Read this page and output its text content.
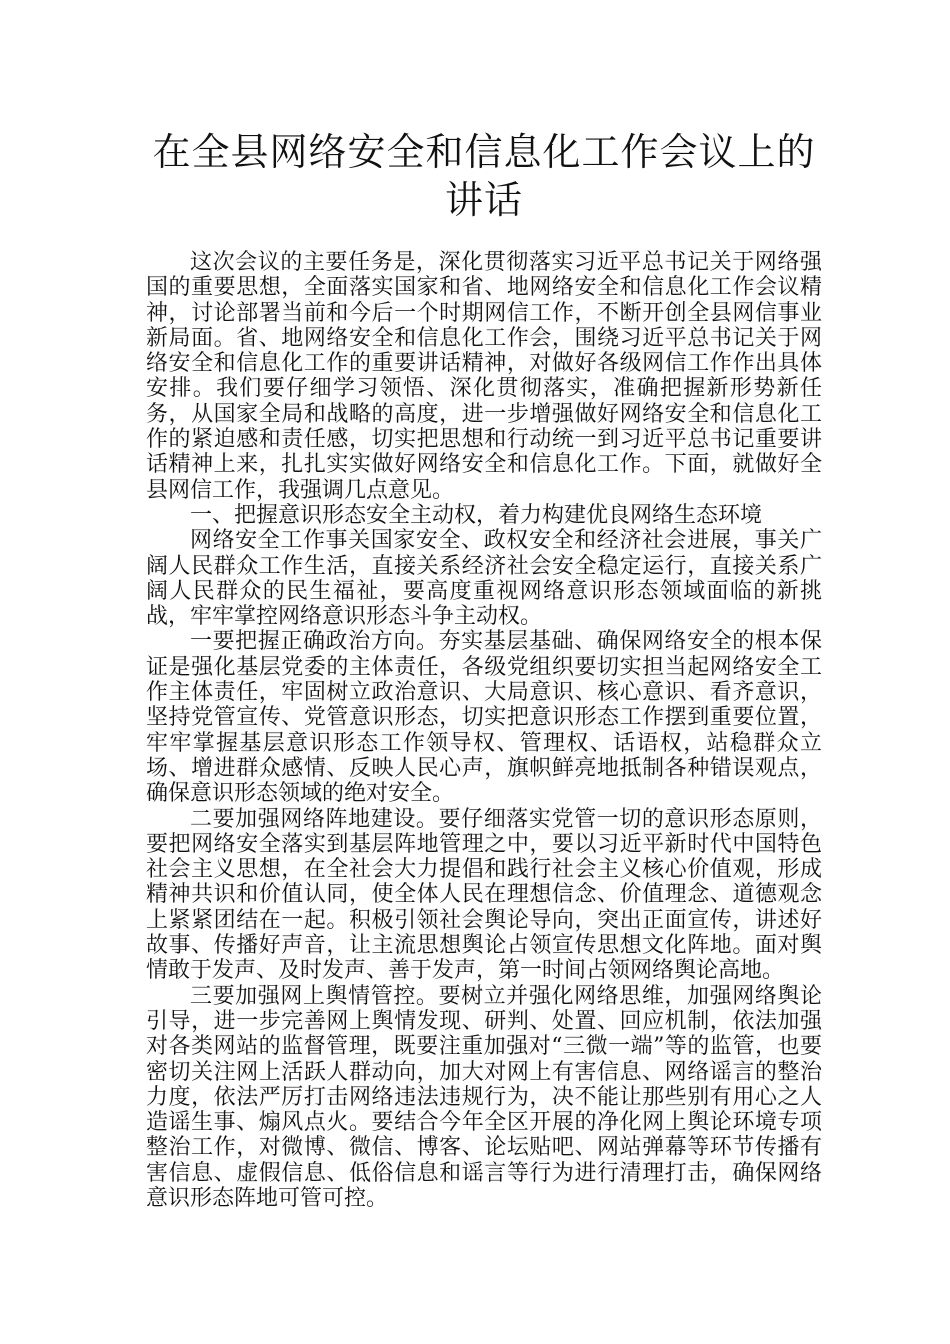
在全县网络安全和信息化工作会议上的讲话

这次会议的主要任务是，深化贯彻落实习近平总书记关于网络强国的重要思想，全面落实国家和省、地网络安全和信息化工作会议精神，讨论部署当前和今后一个时期网信工作，不断开创全县网信事业新局面。省、地网络安全和信息化工作会，围绕习近平总书记关于网络安全和信息化工作的重要讲话精神，对做好各级网信工作作出具体安排。我们要仔细学习领悟、深化贯彻落实，准确把握新形势新任务，从国家全局和战略的高度，进一步增强做好网络安全和信息化工作的紧迫感和责任感，切实把思想和行动统一到习近平总书记重要讲话精神上来，扎扎实实做好网络安全和信息化工作。下面，就做好全县网信工作，我强调几点意见。

一、把握意识形态安全主动权，着力构建优良网络生态环境

网络安全工作事关国家安全、政权安全和经济社会进展，事关广阔人民群众工作生活，直接关系经济社会安全稳定运行，直接关系广阔人民群众的民生福祉，要高度重视网络意识形态领域面临的新挑战，牢牢掌控网络意识形态斗争主动权。

一要把握正确政治方向。夯实基层基础、确保网络安全的根本保证是强化基层党委的主体责任，各级党组织要切实担当起网络安全工作主体责任，牢固树立政治意识、大局意识、核心意识、看齐意识，坚持党管宣传、党管意识形态，切实把意识形态工作摆到重要位置，牢牢掌握基层意识形态工作领导权、管理权、话语权，站稳群众立场、增进群众感情、反映人民心声，旗帜鲜亮地抵制各种错误观点，确保意识形态领域的绝对安全。

二要加强网络阵地建设。要仔细落实党管一切的意识形态原则，要把网络安全落实到基层阵地管理之中，要以习近平新时代中国特色社会主义思想，在全社会大力提倡和践行社会主义核心价值观，形成精神共识和价值认同，使全体人民在理想信念、价值理念、道德观念上紧紧团结在一起。积极引领社会舆论导向，突出正面宣传，讲述好故事、传播好声音，让主流思想舆论占领宣传思想文化阵地。面对舆情敢于发声、及时发声、善于发声，第一时间占领网络舆论高地。

三要加强网上舆情管控。要树立并强化网络思维，加强网络舆论引导，进一步完善网上舆情发现、研判、处置、回应机制，依法加强对各类网站的监督管理，既要注重加强对“三微一端”等的监管，也要密切关注网上活跃人群动向，加大对网上有害信息、网络谣言的整治力度，依法严厉打击网络违法违规行为，决不能让那些别有用心之人造谣生事、煽风点火。要结合今年全区开展的净化网上舆论环境专项整治工作，对微博、微信、博客、论坛贴吧、网站弹幕等环节传播有害信息、虚假信息、低俗信息和谣言等行为进行清理打击，确保网络意识形态阵地可管可控。
